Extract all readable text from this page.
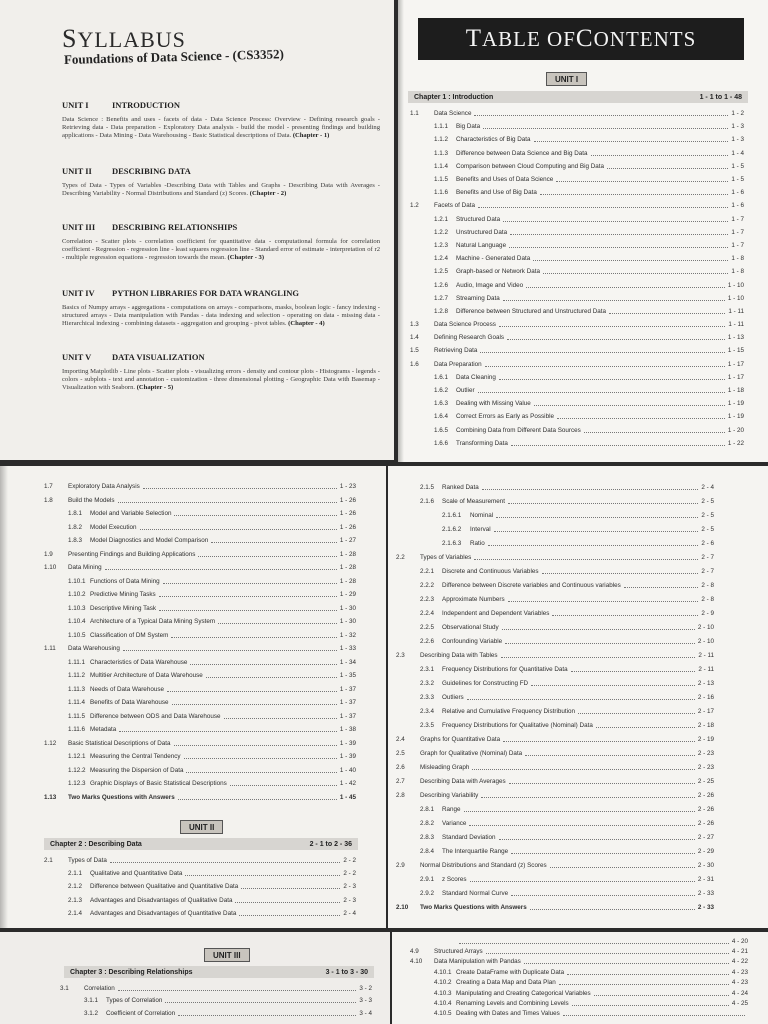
SYLLABUS
Foundations of Data Science - (CS3352)
UNIT I	INTRODUCTION
Data Science : Benefits and uses - facets of data - Data Science Process: Overview - Defining research goals - Retrieving data - Data preparation - Exploratory Data analysis - build the model - presenting findings and building applications - Data Mining - Data Warehousing - Basic Statistical descriptions of Data. (Chapter - 1)
UNIT II DESCRIBING DATA
Types of Data - Types of Variables -Describing Data with Tables and Graphs - Describing Data with Averages - Describing Variability - Normal Distributions and Standard (z) Scores. (Chapter - 2)
UNIT III DESCRIBING RELATIONSHIPS
Correlation - Scatter plots - correlation coefficient for quantitative data - computational formula for correlation coefficient - Regression - regression line - least squares regression line - Standard error of estimate - interpretation of r2 - multiple regression equations - regression towards the mean. (Chapter - 3)
UNIT IV PYTHON LIBRARIES FOR DATA WRANGLING
Basics of Numpy arrays - aggregations - computations on arrays - comparisons, masks, boolean logic - fancy indexing - structured arrays - Data manipulation with Pandas - data indexing and selection - operating on data - missing data - Hierarchical indexing - combining datasets - aggregation and grouping - pivot tables. (Chapter - 4)
UNIT V DATA VISUALIZATION
Importing Matplotlib - Line plots - Scatter plots - visualizing errors - density and contour plots - Histograms - legends - colors - subplots - text and annotation - customization - three dimensional plotting - Geographic Data with Basemap - Visualization with Seaborn. (Chapter - 5)
T ABLE OF C ONTENTS
UNIT I
Chapter 1 : Introduction	1 - 1 to 1 - 48
1.1	Data Science	1 - 2
1.1.1	Big Data	1 - 3
1.1.2	Characteristics of Big Data	1 - 3
1.1.3	Difference between Data Science and Big Data	1 - 4
1.1.4	Comparison between Cloud Computing and Big Data	1 - 5
1.1.5	Benefits and Uses of Data Science	1 - 5
1.1.6	Benefits and Use of Big Data	1 - 6
1.2	Facets of Data	1 - 6
1.2.1	Structured Data	1 - 7
1.2.2	Unstructured Data	1 - 7
1.2.3	Natural Language	1 - 7
1.2.4	Machine - Generated Data	1 - 8
1.2.5	Graph-based or Network Data	1 - 8
1.2.6	Audio, Image and Video	1 - 10
1.2.7	Streaming Data	1 - 10
1.2.8	Difference between Structured and Unstructured Data	1 - 11
1.3	Data Science Process	1 - 11
1.4	Defining Research Goals	1 - 13
1.5	Retrieving Data	1 - 15
1.6	Data Preparation	1 - 17
1.6.1	Data Cleaning	1 - 17
1.6.2	Outlier	1 - 18
1.6.3	Dealing with Missing Value	1 - 19
1.6.4	Correct Errors as Early as Possible	1 - 19
1.6.5	Combining Data from Different Data Sources	1 - 20
1.6.6	Transforming Data	1 - 22
1.7	Exploratory Data Analysis	1 - 23
1.8	Build the Models	1 - 26
1.8.1	Model and Variable Selection	1 - 26
1.8.2	Model Execution	1 - 26
1.8.3	Model Diagnostics and Model Comparison	1 - 27
1.9	Presenting Findings and Building Applications	1 - 28
1.10	Data Mining	1 - 28
1.10.1 Functions of Data Mining	1 - 28
1.10.2 Predictive Mining Tasks	1 - 29
1.10.3 Descriptive Mining Task	1 - 30
1.10.4 Architecture of a Typical Data Mining System	1 - 30
1.10.5 Classification of DM System	1 - 32
1.11	Data Warehousing	1 - 33
1.11.1 Characteristics of Data Warehouse	1 - 34
1.11.2 Multitier Architecture of Data Warehouse	1 - 35
1.11.3 Needs of Data Warehouse	1 - 37
1.11.4 Benefits of Data Warehouse	1 - 37
1.11.5 Difference between ODS and Data Warehouse	1 - 37
1.11.6 Metadata	1 - 38
1.12	Basic Statistical Descriptions of Data	1 - 39
1.12.1 Measuring the Central Tendency	1 - 39
1.12.2 Measuring the Dispersion of Data	1 - 40
1.12.3 Graphic Displays of Basic Statistical Descriptions	1 - 42
1.13	Two Marks Questions with Answers	1 - 45
UNIT II
Chapter 2 : Describing Data	2 - 1 to 2 - 36
2.1	Types of Data	2 - 2
2.1.1	Qualitative and Quantitative Data	2 - 2
2.1.2	Difference between Qualitative and Quantitative Data	2 - 3
2.1.3	Advantages and Disadvantages of Qualitative Data	2 - 3
2.1.4	Advantages and Disadvantages of Quantitative Data	2 - 4
2.1.5	Ranked Data	2 - 4
2.1.6	Scale of Measurement	2 - 5
2.1.6.1	Nominal	2 - 5
2.1.6.2	Interval	2 - 5
2.1.6.3	Ratio	2 - 6
2.2	Types of Variables	2 - 7
2.2.1	Discrete and Continuous Variables	2 - 7
2.2.2	Difference between Discrete variables and Continuous variables	2 - 8
2.2.3	Approximate Numbers	2 - 8
2.2.4	Independent and Dependent Variables	2 - 9
2.2.5	Observational Study	2 - 10
2.2.6	Confounding Variable	2 - 10
2.3	Describing Data with Tables	2 - 11
2.3.1	Frequency Distributions for Quantitative Data	2 - 11
2.3.2	Guidelines for Constructing FD	2 - 13
2.3.3	Outliers	2 - 16
2.3.4	Relative and Cumulative Frequency Distribution	2 - 17
2.3.5	Frequency Distributions for Qualitative (Nominal) Data	2 - 18
2.4	Graphs for Quantitative Data	2 - 19
2.5	Graph for Qualitative (Nominal) Data	2 - 23
2.6	Misleading Graph	2 - 23
2.7	Describing Data with Averages	2 - 25
2.8	Describing Variability	2 - 26
2.8.1	Range	2 - 26
2.8.2	Variance	2 - 26
2.8.3	Standard Deviation	2 - 27
2.8.4	The Interquartile Range	2 - 29
2.9	Normal Distributions and Standard (z) Scores	2 - 30
2.9.1	z Scores	2 - 31
2.9.2	Standard Normal Curve	2 - 33
2.10	Two Marks Questions with Answers	2 - 33
UNIT III
Chapter 3 : Describing Relationships	3 - 1 to 3 - 30
3.1	Correlation	3 - 2
3.1.1	Types of Correlation	3 - 3
3.1.2	Coefficient of Correlation	3 - 4
4 - 20
4.9	Structured Arrays	4 - 21
4.10	Data Manipulation with Pandas	4 - 22
4.10.1 Create DataFrame with Duplicate Data	4 - 23
4.10.2 Creating a Data Map and Data Plan	4 - 23
4.10.3 Manipulating and Creating Categorical Variables	4 - 24
4.10.4 Renaming Levels and Combining Levels	4 - 25
4.10.5 Dealing with Dates and Times Values
